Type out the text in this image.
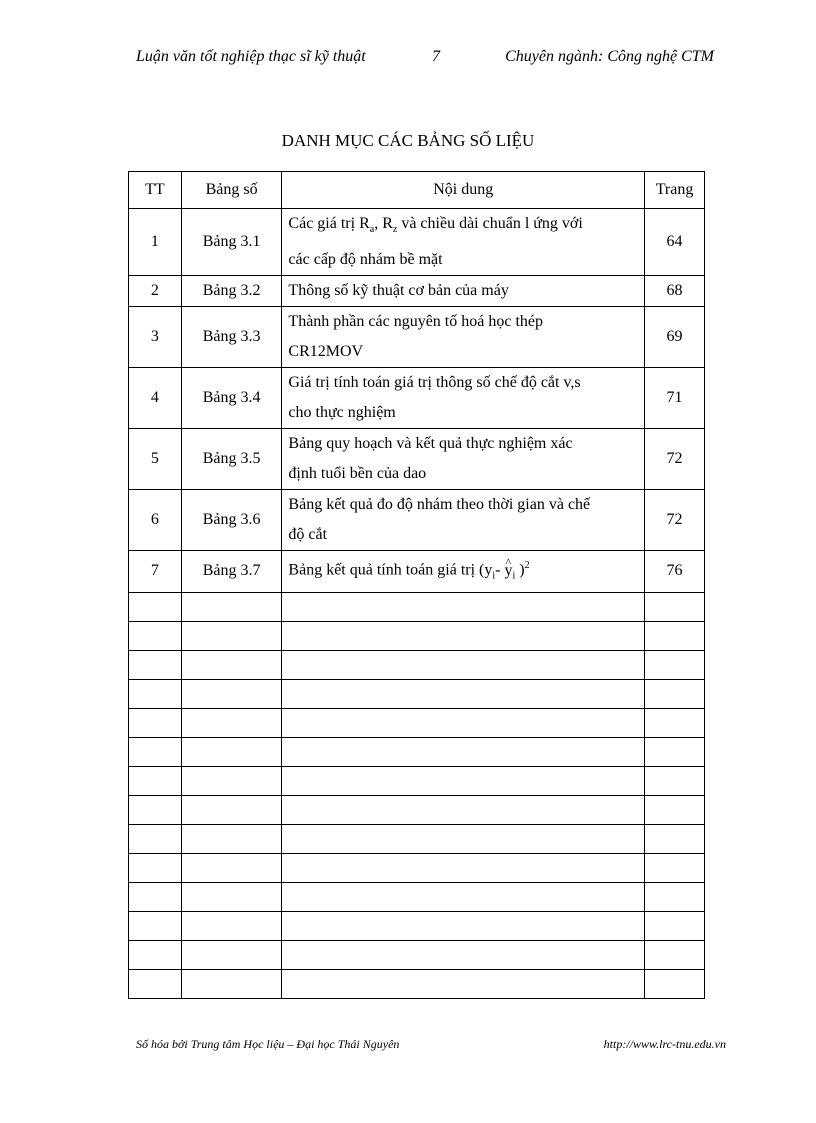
Luận văn tốt nghiệp thạc sĩ kỹ thuật	7	Chuyên ngành: Công nghệ CTM
DANH MỤC CÁC BẢNG SỐ LIỆU
TT	Bảng số	Nội dung	Trang
1	Bảng 3.1	Các giá trị $R_a$, $R_z$ và chiều dài chuẩn l ứng với
các cấp độ nhám bề mặt	64
2	Bảng 3.2	Thông số kỹ thuật cơ bản của máy	68
3	Bảng 3.3	Thành phần các nguyên tố hoá học thép
CR12MOV	69
4	Bảng 3.4	Giá trị tính toán giá trị thông số chế độ cắt v,s
cho thực nghiệm	71
5	Bảng 3.5	Bảng quy hoạch và kết quả thực nghiệm xác
định tuổi bền của dao	72
6	Bảng 3.6	Bảng kết quả đo độ nhám theo thời gian và chế
độ cắt	72
7	Bảng 3.7	Bảng kết quả tính toán giá trị ($y_i-$ ^ $y_i$ )$^2$	76

Số hóa bởi Trung tâm Học liệu – Đại học Thái Nguyên	http://www.lrc-tnu.edu.vn
